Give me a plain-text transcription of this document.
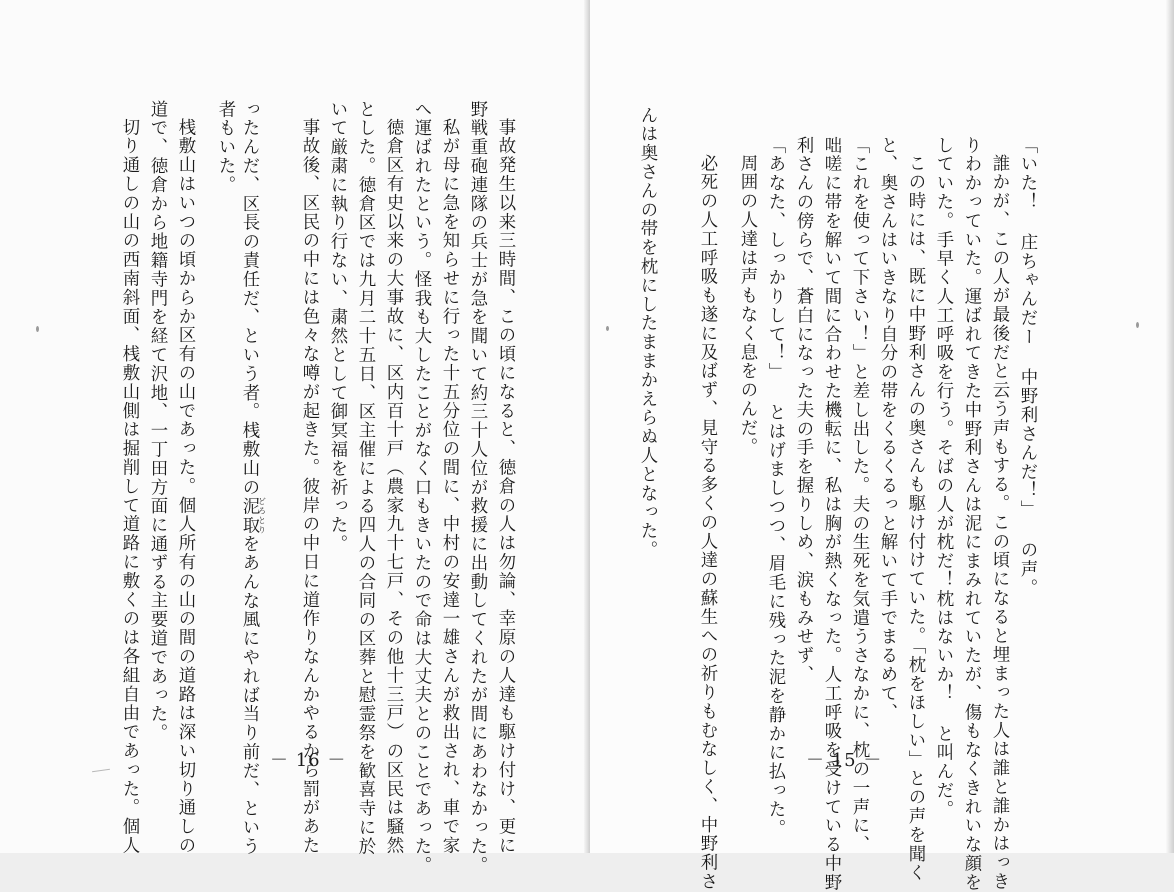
事故発生以来三時間、この頃になると、徳倉の人は勿論、幸原の人達も駆け付け、更に
野戦重砲連隊の兵士が急を聞いて約三十人位が救援に出動してくれたが間にあわなかった。
私が母に急を知らせに行った十五分位の間に、中村の安達一雄さんが救出され、車で家
へ運ばれたという。怪我も大したことがなく口もきいたので命は大丈夫とのことであった。
徳倉区有史以来の大事故に、区内百十戸（農家九十七戸、その他十三戸）の区民は騒然
とした。徳倉区では九月二十五日、区主催による四人の合同の区葬と慰霊祭を歓喜寺に於
いて厳粛に執り行ない、粛然として御冥福を祈った。
事故後、区民の中には色々な噂が起きた。彼岸の中日に道作りなんかやるから罰があた
ったんだ、区長の責任だ、という者。桟敷山の泥取どろとりをあんな風にやれば当り前だ、という
者もいた。
桟敷山はいつの頃からか区有の山であった。個人所有の山の間の道路は深い切り通しの
道で、徳倉から地籍寺門を経て沢地、一丁田方面に通ずる主要道であった。
切り通しの山の西南斜面、桟敷山側は掘削して道路に敷くのは各組自由であった。個人	－ 16 －
「いた！ 庄ちゃんだー 中野利さんだ！」 の声。
誰かが、この人が最後だと云う声もする。この頃になると埋まった人は誰と誰かはっき
りわかっていた。運ばれてきた中野利さんは泥にまみれていたが、傷もなくきれいな顔を
していた。手早く人工呼吸を行う。そばの人が枕だ！枕はないか！ と叫んだ。
この時には、既に中野利さんの奥さんも駆け付けていた。「枕をほしい」との声を聞く
と、奥さんはいきなり自分の帯をくるくるっと解いて手でまるめて、
「これを使って下さい！」と差し出した。夫の生死を気遣うさなかに、枕の一声に、
咄嗟に帯を解いて間に合わせた機転に、私は胸が熱くなった。人工呼吸を受けている中野
利さんの傍らで、蒼白になった夫の手を握りしめ、涙もみせず、
「あなた、しっかりして！」 とはげましつつ、眉毛に残った泥を静かに払った。
周囲の人達は声もなく息をのんだ。
必死の人工呼吸も遂に及ばず、見守る多くの人達の蘇生への祈りもむなしく、中野利さ
んは奥さんの帯を枕にしたままかえらぬ人となった。
－ 15 －
